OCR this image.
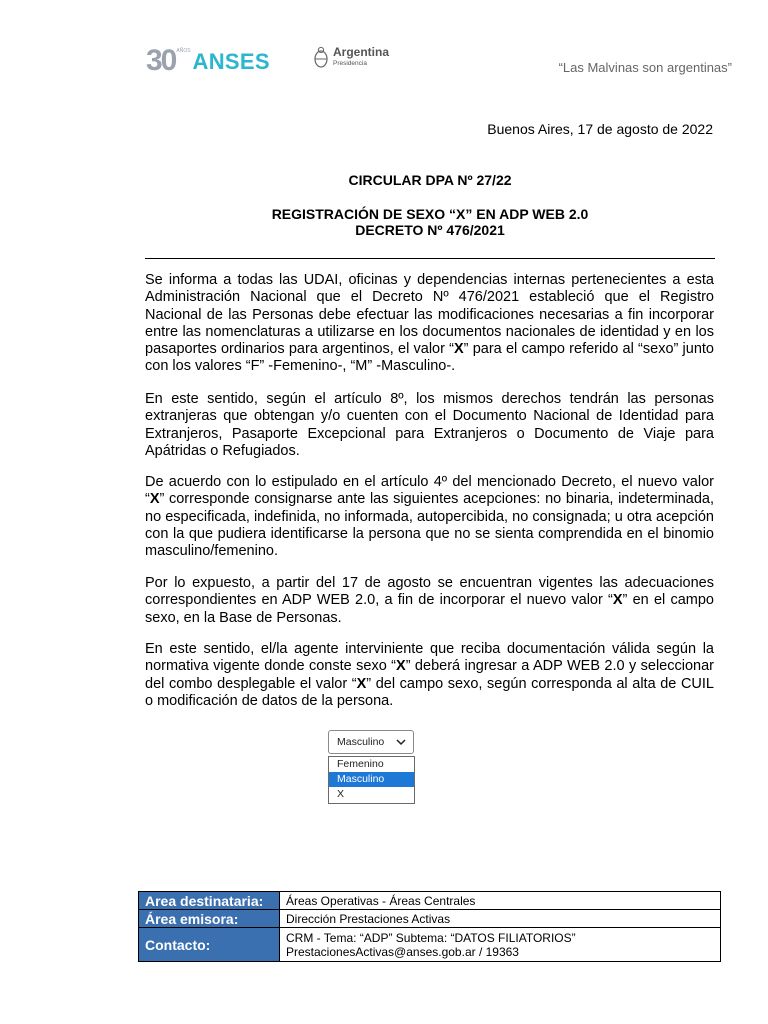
30 AÑOS ANSES	Argentina
Presidencia	“Las Malvinas son argentinas”
Buenos Aires, 17 de agosto de 2022
CIRCULAR DPA Nº 27/22
REGISTRACIÓN DE SEXO “X” EN ADP WEB 2.0
DECRETO Nº 476/2021
Se informa a todas las UDAI, oficinas y dependencias internas pertenecientes a esta Administración Nacional que el Decreto Nº 476/2021 estableció que el Registro Nacional de las Personas debe efectuar las modificaciones necesarias a fin incorporar entre las nomenclaturas a utilizarse en los documentos nacionales de identidad y en los pasaportes ordinarios para argentinos, el valor “X” para el campo referido al “sexo” junto con los valores “F” -Femenino-, “M” -Masculino-.
En este sentido, según el artículo 8º, los mismos derechos tendrán las personas extranjeras que obtengan y/o cuenten con el Documento Nacional de Identidad para Extranjeros, Pasaporte Excepcional para Extranjeros o Documento de Viaje para Apátridas o Refugiados.
De acuerdo con lo estipulado en el artículo 4º del mencionado Decreto, el nuevo valor “X” corresponde consignarse ante las siguientes acepciones: no binaria, indeterminada, no especificada, indefinida, no informada, autopercibida, no consignada; u otra acepción con la que pudiera identificarse la persona que no se sienta comprendida en el binomio masculino/femenino.
Por lo expuesto, a partir del 17 de agosto se encuentran vigentes las adecuaciones correspondientes en ADP WEB 2.0, a fin de incorporar el nuevo valor “X” en el campo sexo, en la Base de Personas.
En este sentido, el/la agente interviniente que reciba documentación válida según la normativa vigente donde conste sexo “X” deberá ingresar a ADP WEB 2.0 y seleccionar del combo desplegable el valor “X” del campo sexo, según corresponda al alta de CUIL o modificación de datos de la persona.
Masculino
Femenino
Masculino
X
Area destinataria:	Áreas Operativas - Áreas Centrales
Área emisora:	Dirección Prestaciones Activas
Contacto:	CRM - Tema: “ADP” Subtema: “DATOS FILIATORIOS”
PrestacionesActivas@anses.gob.ar / 19363
